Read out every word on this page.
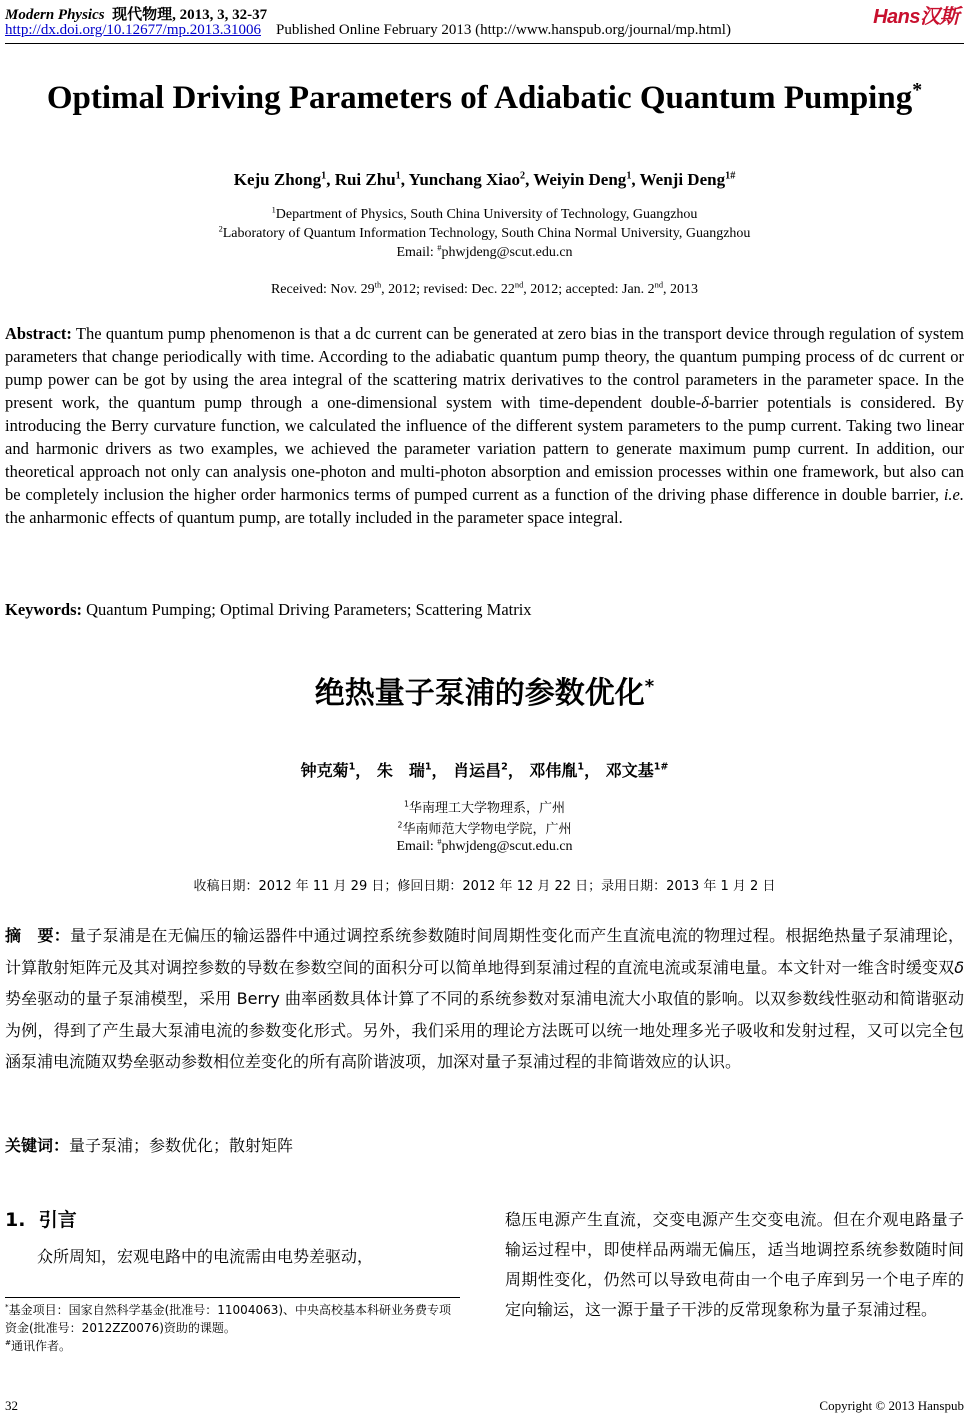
Modern Physics 现代物理, 2013, 3, 32-37
http://dx.doi.org/10.12677/mp.2013.31006 Published Online February 2013 (http://www.hanspub.org/journal/mp.html)
Hans汉斯
Optimal Driving Parameters of Adiabatic Quantum Pumping*
Keju Zhong$^1$, Rui Zhu$^1$, Yunchang Xiao$^2$, Weiyin Deng$^1$, Wenji Deng$^{1\#}$
$^1$Department of Physics, South China University of Technology, Guangzhou
$^2$Laboratory of Quantum Information Technology, South China Normal University, Guangzhou
Email: #phwjdeng@scut.edu.cn
Received: Nov. 29th, 2012; revised: Dec. 22nd, 2012; accepted: Jan. 2nd, 2013
Abstract: The quantum pump phenomenon is that a dc current can be generated at zero bias in the transport device through regulation of system parameters that change periodically with time. According to the adiabatic quantum pump theory, the quantum pumping process of dc current or pump power can be got by using the area integral of the scattering matrix derivatives to the control parameters in the parameter space. In the present work, the quantum pump through a one-dimensional system with time-dependent double-δ-barrier potentials is considered. By introducing the Berry curvature function, we calculated the influence of the different system parameters to the pump current. Taking two linear and harmonic drivers as two examples, we achieved the parameter variation pattern to generate maximum pump current. In addition, our theoretical approach not only can analysis one-photon and multi-photon absorption and emission processes within one framework, but also can be completely inclusion the higher order harmonics terms of pumped current as a function of the driving phase difference in double barrier, i.e. the anharmonic effects of quantum pump, are totally included in the parameter space integral.
Keywords: Quantum Pumping; Optimal Driving Parameters; Scattering Matrix
绝热量子泵浦的参数优化*
钟克菊$^1$， 朱　瑞$^1$， 肖运昌$^2$， 邓伟胤$^1$， 邓文基$^{1\#}$
$^1$华南理工大学物理系，广州
$^2$华南师范大学物电学院，广州
Email: #phwjdeng@scut.edu.cn
收稿日期：2012 年 11 月 29 日；修回日期：2012 年 12 月 22 日；录用日期：2013 年 1 月 2 日
摘　要：量子泵浦是在无偏压的输运器件中通过调控系统参数随时间周期性变化而产生直流电流的物理过程。根据绝热量子泵浦理论，计算散射矩阵元及其对调控参数的导数在参数空间的面积分可以简单地得到泵浦过程的直流电流或泵浦电量。本文针对一维含时缓变双δ 势垒驱动的量子泵浦模型，采用 Berry 曲率函数具体计算了不同的系统参数对泵浦电流大小取值的影响。以双参数线性驱动和简谐驱动为例，得到了产生最大泵浦电流的参数变化形式。另外，我们采用的理论方法既可以统一地处理多光子吸收和发射过程，又可以完全包涵泵浦电流随双势垒驱动参数相位差变化的所有高阶谐波项，加深对量子泵浦过程的非简谐效应的认识。
关键词：量子泵浦；参数优化；散射矩阵
1. 引言
众所周知，宏观电路中的电流需由电势差驱动，
*基金项目：国家自然科学基金(批准号：11004063)、中央高校基本科研业务费专项资金(批准号：2012ZZ0076)资助的课题。
#通讯作者。
稳压电源产生直流，交变电源产生交变电流。但在介观电路量子输运过程中，即使样品两端无偏压，适当地调控系统参数随时间周期性变化，仍然可以导致电荷由一个电子库到另一个电子库的定向输运，这一源于量子干涉的反常现象称为量子泵浦过程。
32	Copyright © 2013 Hanspub
